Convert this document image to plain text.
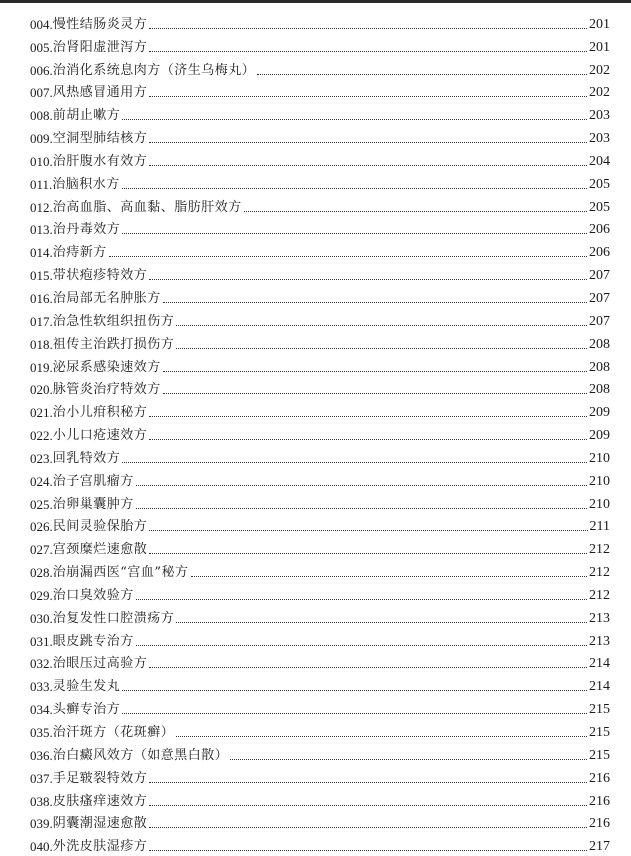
004. 慢性结肠炎灵方	201
005. 治肾阳虚泄泻方	201
006. 治消化系统息肉方（济生乌梅丸）	202
007. 风热感冒通用方	202
008. 前胡止嗽方	203
009. 空洞型肺结核方	203
010. 治肝腹水有效方	204
011. 治脑积水方	205
012. 治高血脂、高血黏、脂肪肝效方	205
013. 治丹毒效方	206
014. 治痔新方	206
015. 带状疱疹特效方	207
016. 治局部无名肿胀方	207
017. 治急性软组织扭伤方	207
018. 祖传主治跌打损伤方	208
019. 泌尿系感染速效方	208
020. 脉管炎治疗特效方	208
021. 治小儿疳积秘方	209
022. 小儿口疮速效方	209
023. 回乳特效方	210
024. 治子宫肌瘤方	210
025. 治卵巢囊肿方	210
026. 民间灵验保胎方	211
027. 宫颈糜烂速愈散	212
028. 治崩漏西医“宫血”秘方	212
029. 治口臭效验方	212
030. 治复发性口腔溃疡方	213
031. 眼皮跳专治方	213
032. 治眼压过高验方	214
033. 灵验生发丸	214
034. 头癣专治方	215
035. 治汗斑方（花斑癣）	215
036. 治白癜风效方（如意黑白散）	215
037. 手足皲裂特效方	216
038. 皮肤瘙痒速效方	216
039. 阴囊潮湿速愈散	216
040. 外洗皮肤湿疹方	217
